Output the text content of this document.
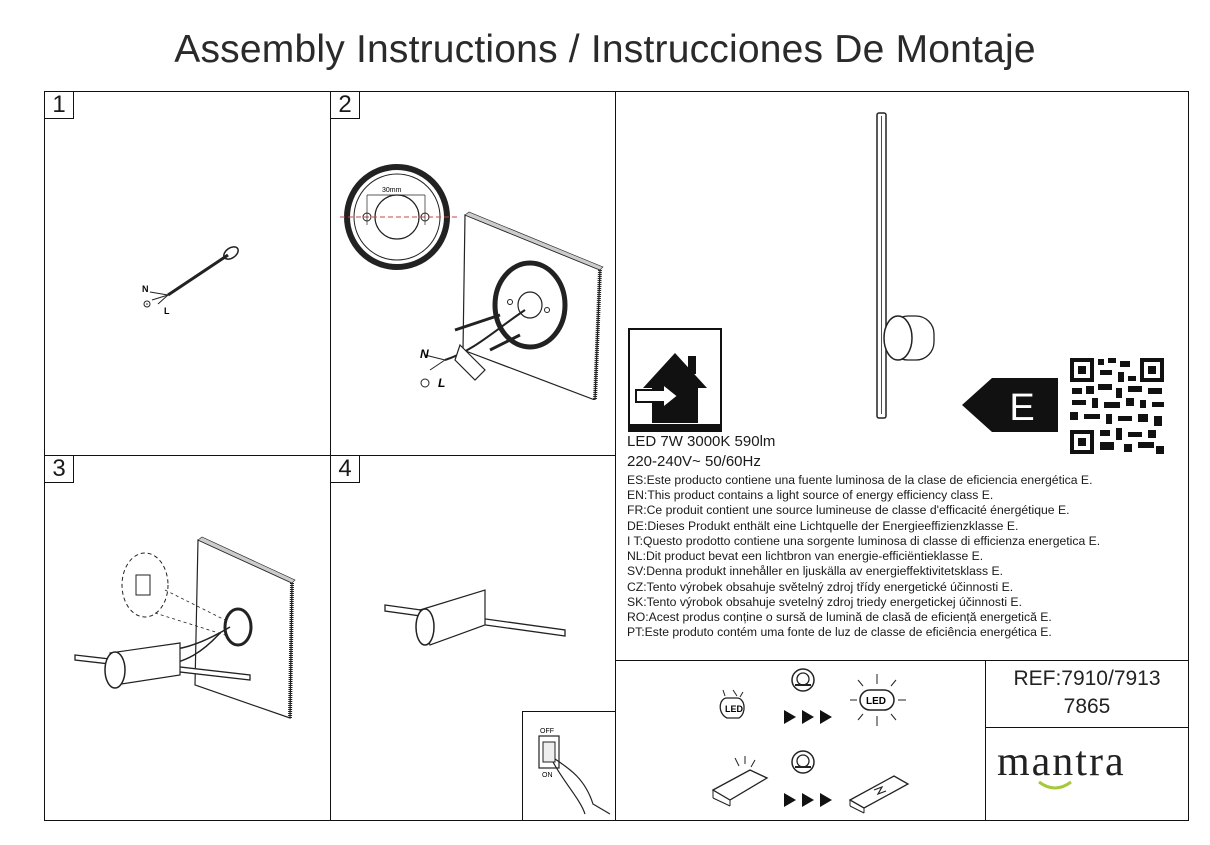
Assembly Instructions / Instrucciones De Montaje
1	2
3	4
N
L
30mm
N
L
OFF
ON
E
LED 7W 3000K 590lm
220-240V~ 50/60Hz
ES:Este producto contiene una fuente luminosa de la clase de eficiencia energética E.
EN:This product contains a light source of energy efficiency class E.
FR:Ce produit contient une source lumineuse de classe d'efficacité énergétique E.
DE:Dieses Produkt enthält eine Lichtquelle der Energieeffizienzklasse E.
I T:Questo prodotto contiene una sorgente luminosa di classe di efficienza energetica E.
NL:Dit product bevat een lichtbron van energie-efficiëntieklasse E.
SV:Denna produkt innehåller en ljuskälla av energieffektivitetsklass E.
CZ:Tento výrobek obsahuje světelný zdroj třídy energetické účinnosti E.
SK:Tento výrobok obsahuje svetelný zdroj triedy energetickej účinnosti E.
RO:Acest produs conține o sursă de lumină de clasă de eficiență energetică E.
PT:Este produto contém uma fonte de luz de classe de eficiência energética E.
LED
LED
REF:7910/7913
7865
mantra
